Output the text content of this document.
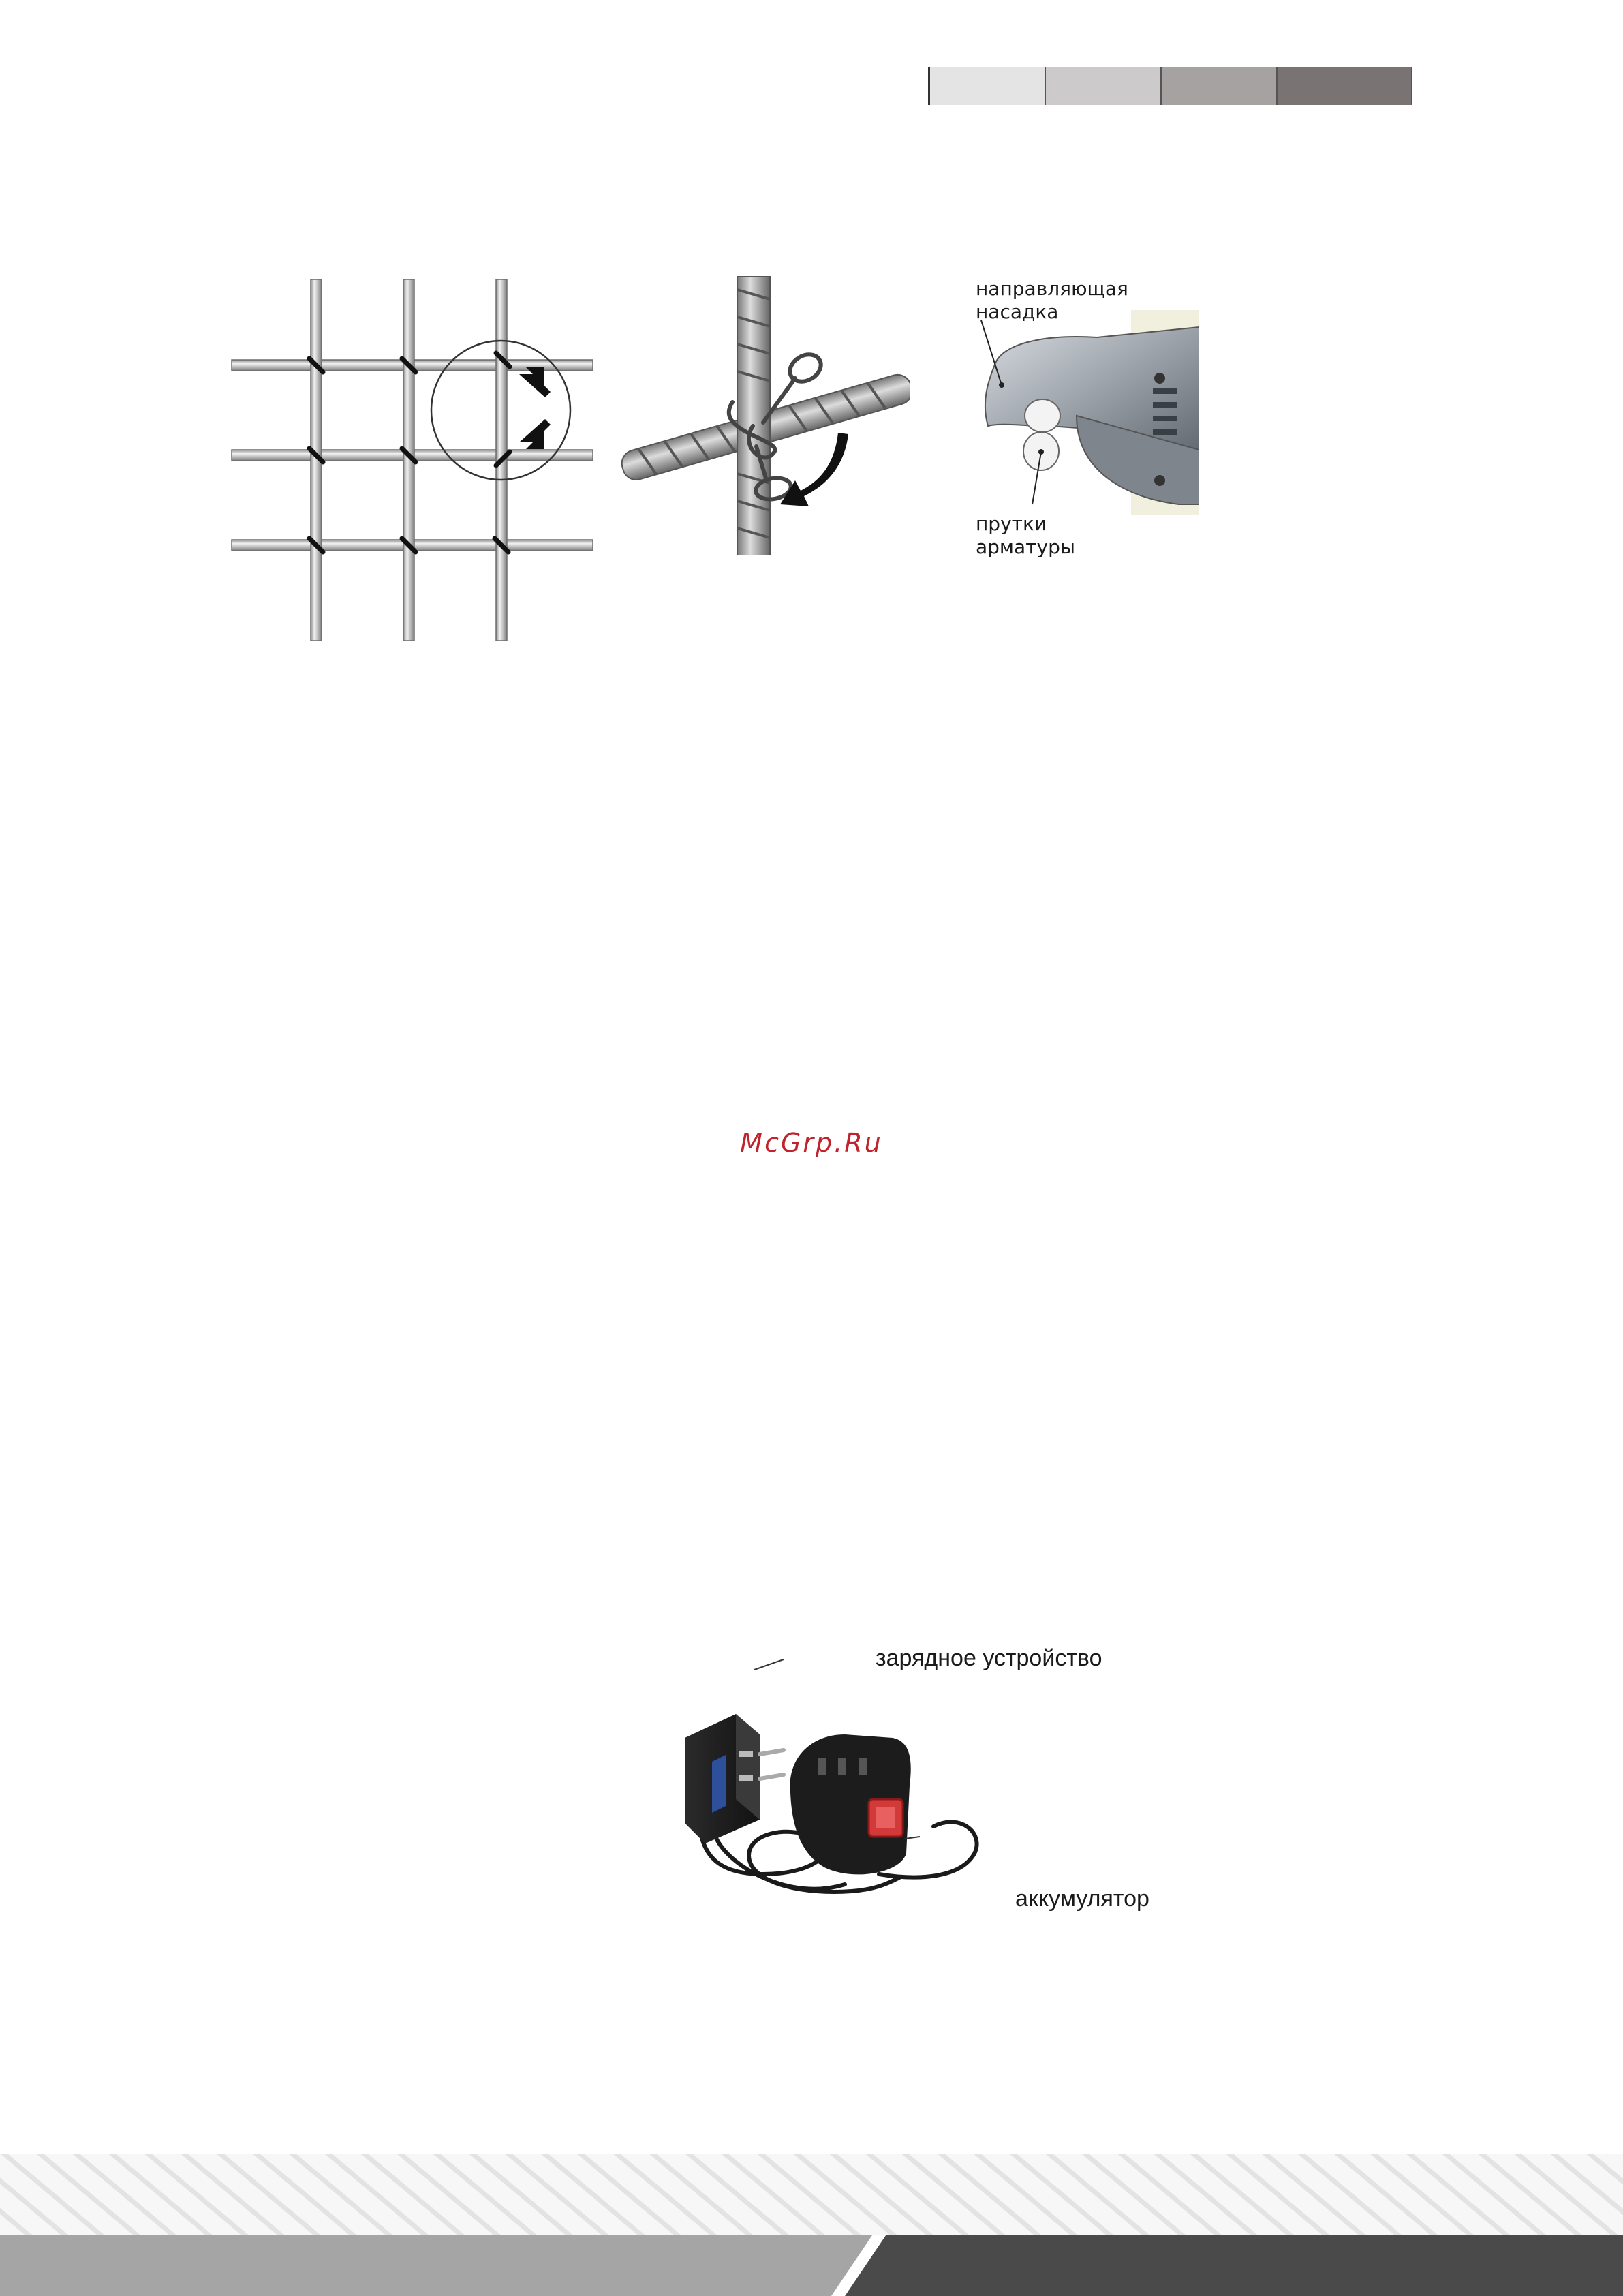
направляющая насадка
прутки арматуры
McGrp.Ru
зарядное устройство
аккумулятор
